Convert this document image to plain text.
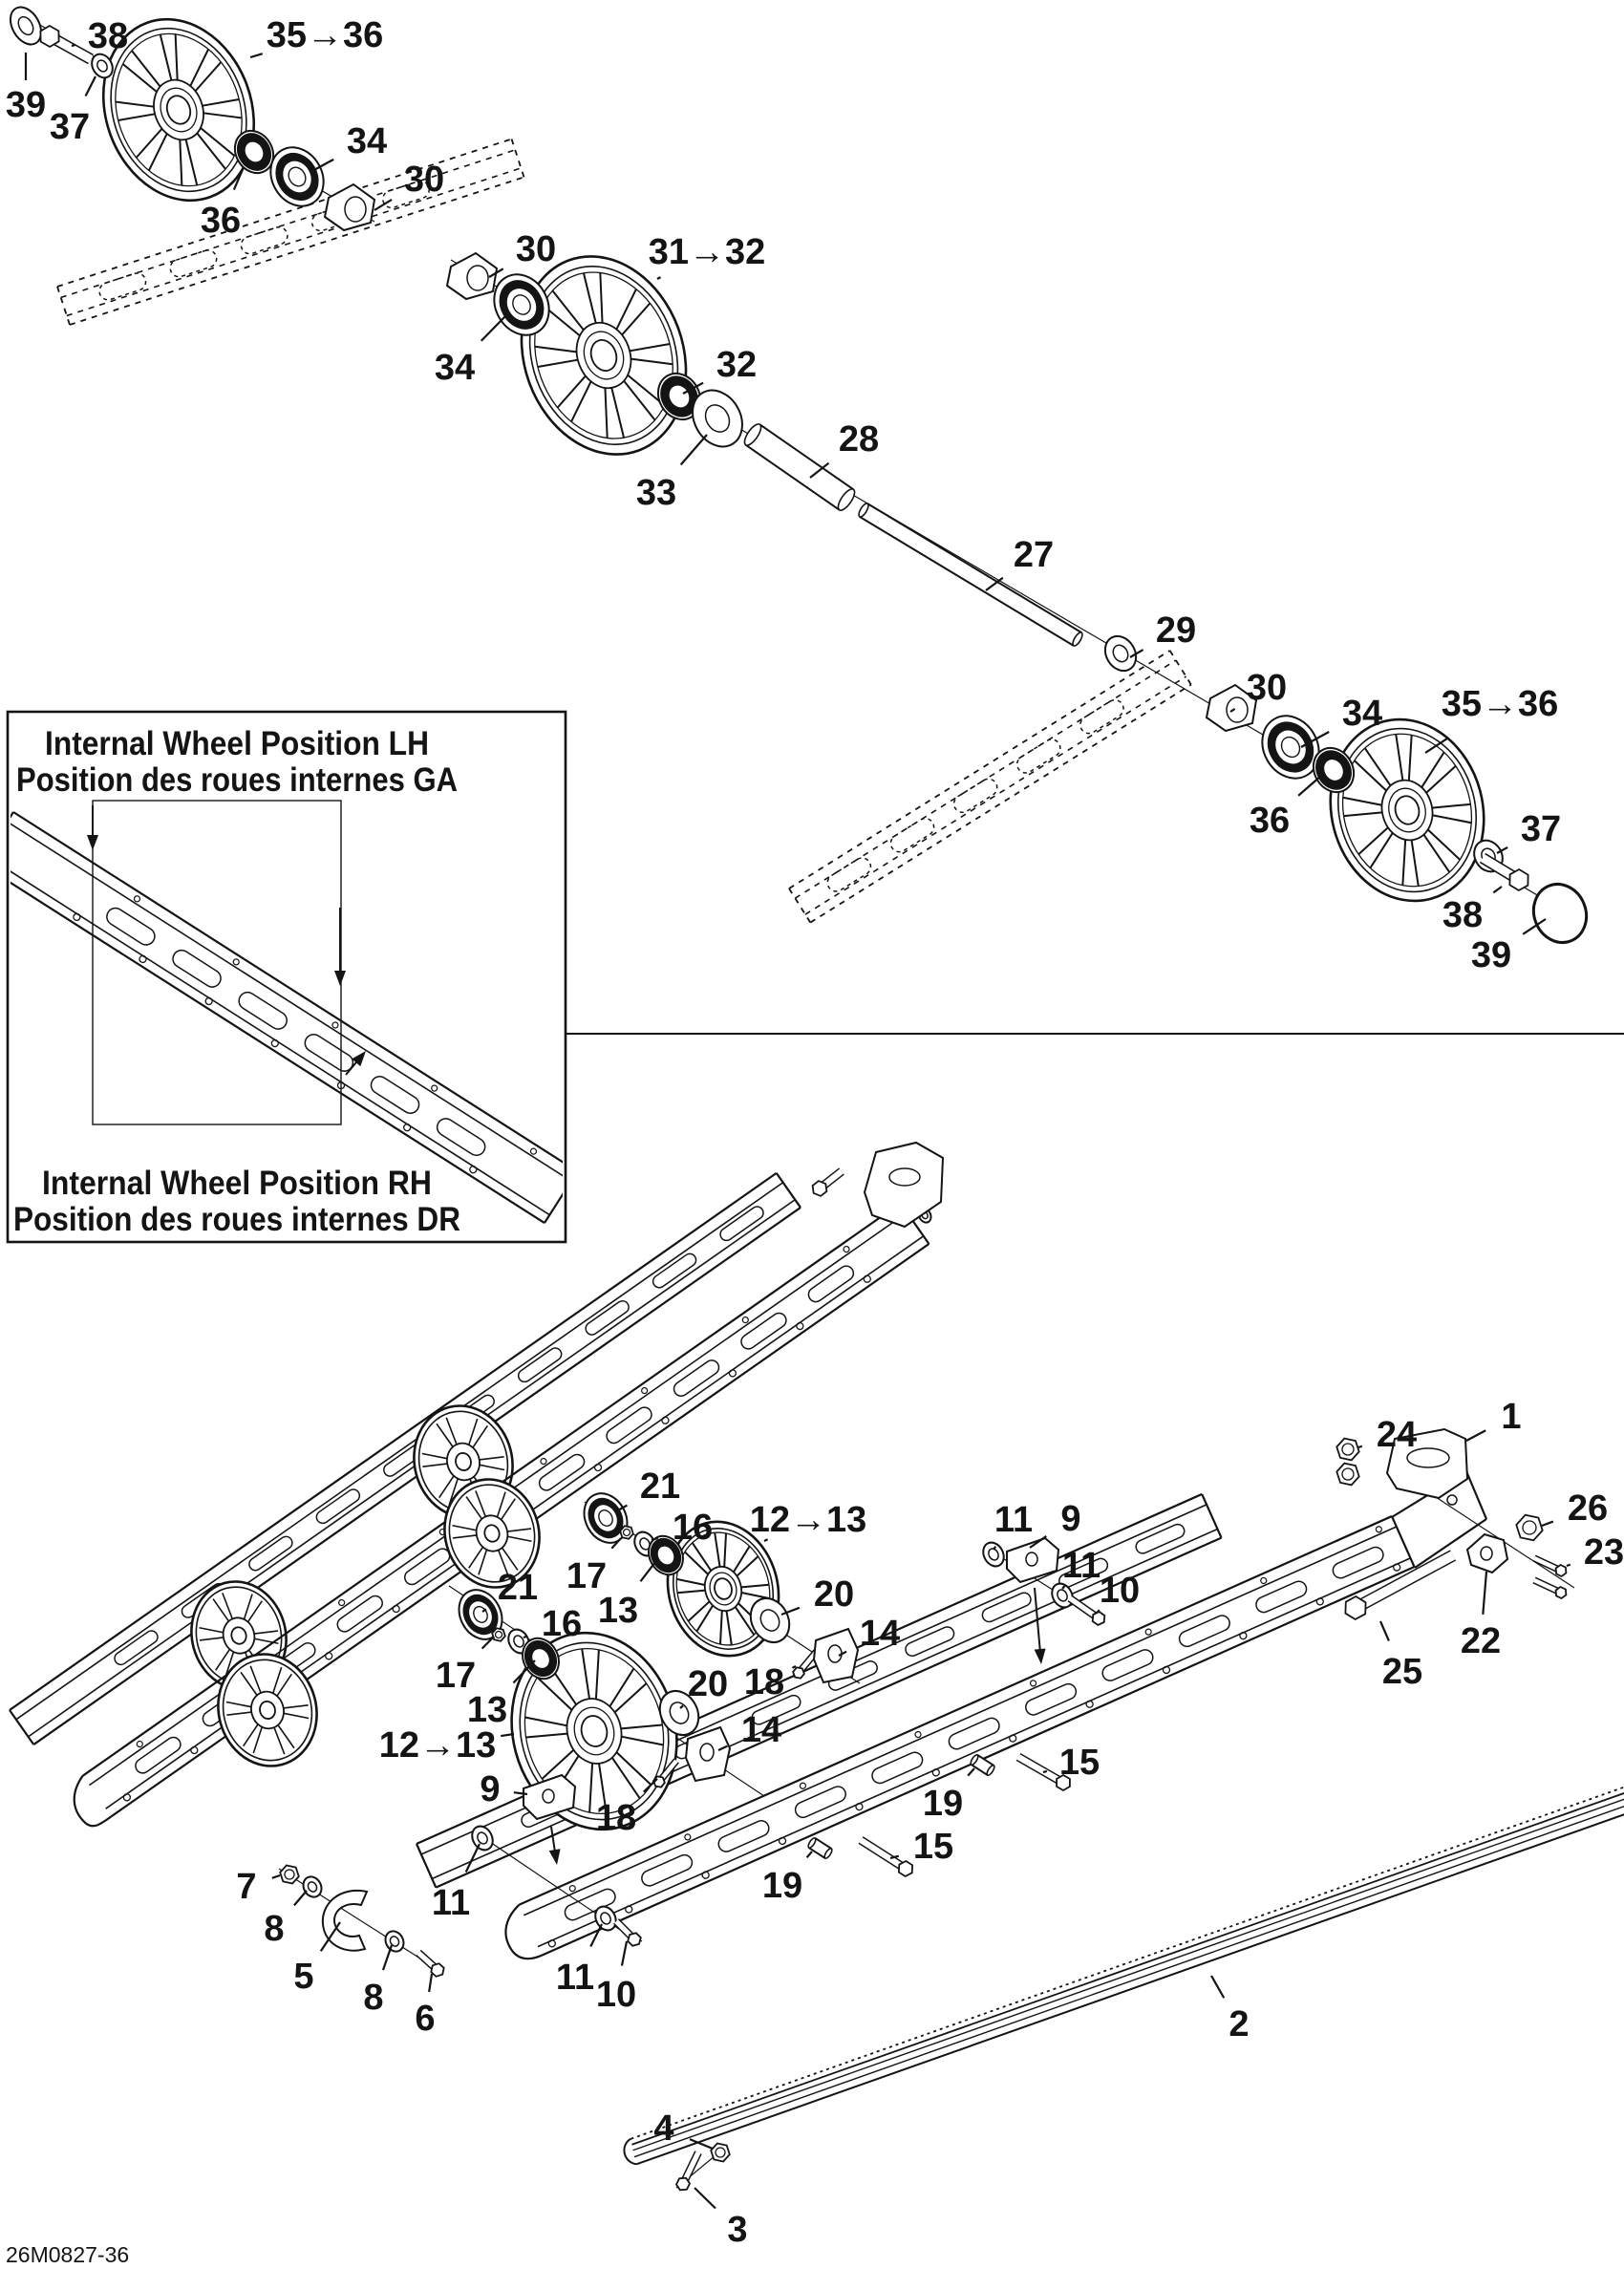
Internal Wheel Position LH
Position des roues internes GA
Internal Wheel Position RH
Position des roues internes DR
38
39
37
35→36
36
34
30
30
34
31→32
32
33
28
27
29
30
34 35→36
36	37
38
39
21
16
17
13
12→13
20
14
18
21
16
17
13
12→13
20
14
18
9
11 9
11
10
24 1
26
23
22
25
19
15
19
15
7
8
5
8
6
11
11 10
4
3
2
26M0827-36
